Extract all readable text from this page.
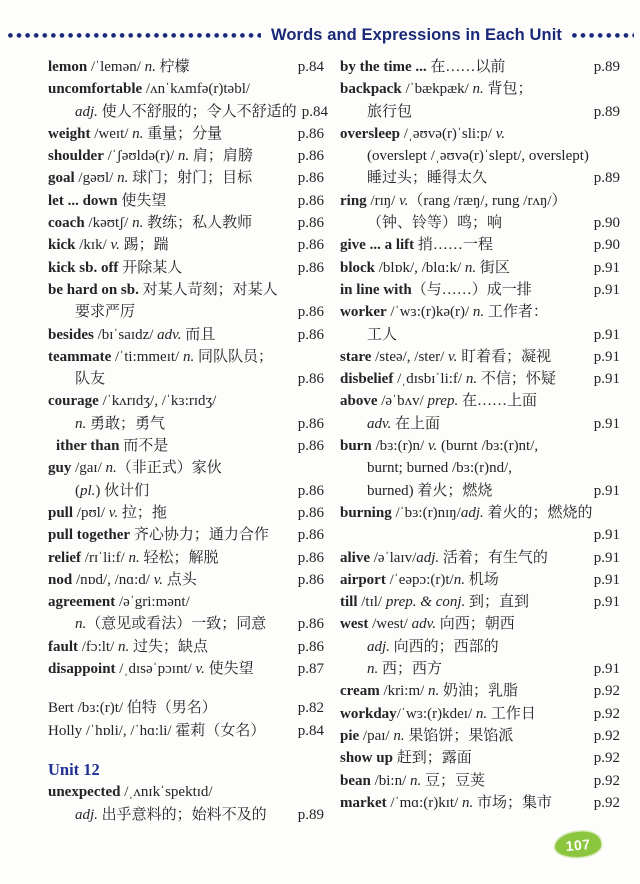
Words and Expressions in Each Unit
lemon /ˈlemən/ n. 柠檬	p.84
uncomfortable /ʌnˈkʌmfə(r)təbl/
adj. 使人不舒服的；令人不舒适的 p.84
weight /weɪt/ n. 重量；分量	p.86
shoulder /ˈʃəʊldə(r)/ n. 肩；肩膀	p.86
goal /gəʊl/ n. 球门；射门；目标	p.86
let ... down 使失望	p.86
coach /kəʊtʃ/ n. 教练；私人教师	p.86
kick /kɪk/ v. 踢；踹	p.86
kick sb. off 开除某人	p.86
be hard on sb. 对某人苛刻；对某人
要求严厉	p.86
besides /bɪˈsaɪdz/ adv. 而且	p.86
teammate /ˈti:mmeɪt/ n. 同队队员；
队友	p.86
courage /ˈkʌrɪdʒ/, /ˈkɜ:rɪdʒ/
n. 勇敢；勇气	p.86
ither than 而不是	p.86
guy /gaɪ/ n.（非正式）家伙
(pl.) 伙计们	p.86
pull /pʊl/ v. 拉；拖	p.86
pull together 齐心协力；通力合作	p.86
relief /rɪˈli:f/ n. 轻松；解脱	p.86
nod /nɒd/, /nɑ:d/ v. 点头	p.86
agreement /əˈgri:mənt/
n.（意见或看法）一致；同意	p.86
fault /fɔ:lt/ n. 过失；缺点	p.86
disappoint /ˌdɪsəˈpɔɪnt/ v. 使失望	p.87
Bert /bɜ:(r)t/ 伯特（男名）	p.82
Holly /ˈhɒli/, /ˈhɑ:li/ 霍莉（女名）	p.84
Unit 12
unexpected /ˌʌnɪkˈspektɪd/
adj. 出乎意料的；始料不及的	p.89
by the time ... 在……以前	p.89
backpack /ˈbækpæk/ n. 背包；
旅行包	p.89
oversleep /ˌəʊvə(r)ˈsli:p/ v.
(overslept /ˌəʊvə(r)ˈslept/, overslept)
睡过头；睡得太久	p.89
ring /rɪŋ/ v.（rang /ræŋ/, rung /rʌŋ/）
（钟、铃等）鸣；响	p.90
give ... a lift 捎……一程	p.90
block /blɒk/, /blɑ:k/ n. 街区	p.91
in line with（与……）成一排	p.91
worker /ˈwɜ:(r)kə(r)/ n. 工作者：
工人	p.91
stare /steə/, /ster/ v. 盯着看；凝视	p.91
disbelief /ˌdɪsbɪˈli:f/ n. 不信；怀疑	p.91
above /əˈbʌv/ prep. 在……上面
adv. 在上面	p.91
burn /bɜ:(r)n/ v. (burnt /bɜ:(r)nt/,
burnt; burned /bɜ:(r)nd/,
burned) 着火；燃烧	p.91
burning /ˈbɜ:(r)nɪŋ/adj. 着火的；燃烧的
p.91
alive /əˈlaɪv/adj. 活着；有生气的	p.91
airport /ˈeəpɔ:(r)t/n. 机场	p.91
till /tɪl/ prep. & conj. 到；直到	p.91
west /west/ adv. 向西；朝西
adj. 向西的；西部的
n. 西；西方	p.91
cream /kri:m/ n. 奶油；乳脂	p.92
workday/ˈwɜ:(r)kdeɪ/ n. 工作日	p.92
pie /paɪ/ n. 果馅饼；果馅派	p.92
show up 赶到；露面	p.92
bean /bi:n/ n. 豆；豆荚	p.92
market /ˈmɑ:(r)kɪt/ n. 市场；集市	p.92
107
